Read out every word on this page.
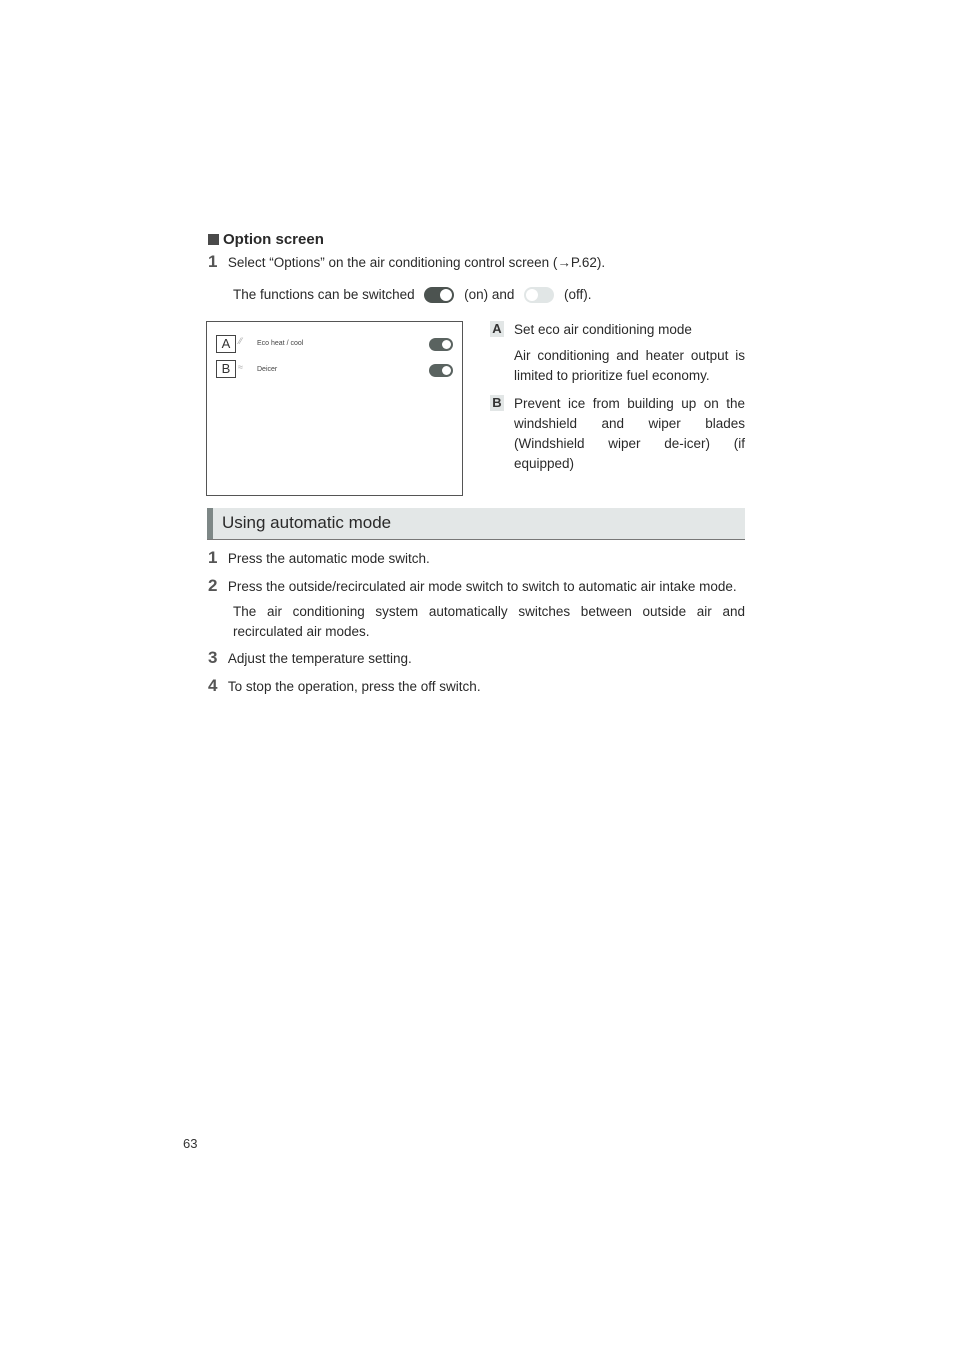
Option screen
1 Select “Options” on the air conditioning control screen (→P.62).
The functions can be switched	(on) and	(off).
A ⁄⁄ Eco heat / cool
B ≈ Deicer
A Set eco air conditioning mode
Air conditioning and heater output is limited to prioritize fuel economy.
B Prevent ice from building up on the windshield and wiper blades (Windshield wiper de-icer) (if equipped)
Using automatic mode
1 Press the automatic mode switch.
2 Press the outside/recirculated air mode switch to switch to automatic air intake mode.
The air conditioning system automatically switches between outside air and recirculated air modes.
3 Adjust the temperature setting.
4 To stop the operation, press the off switch.
63
